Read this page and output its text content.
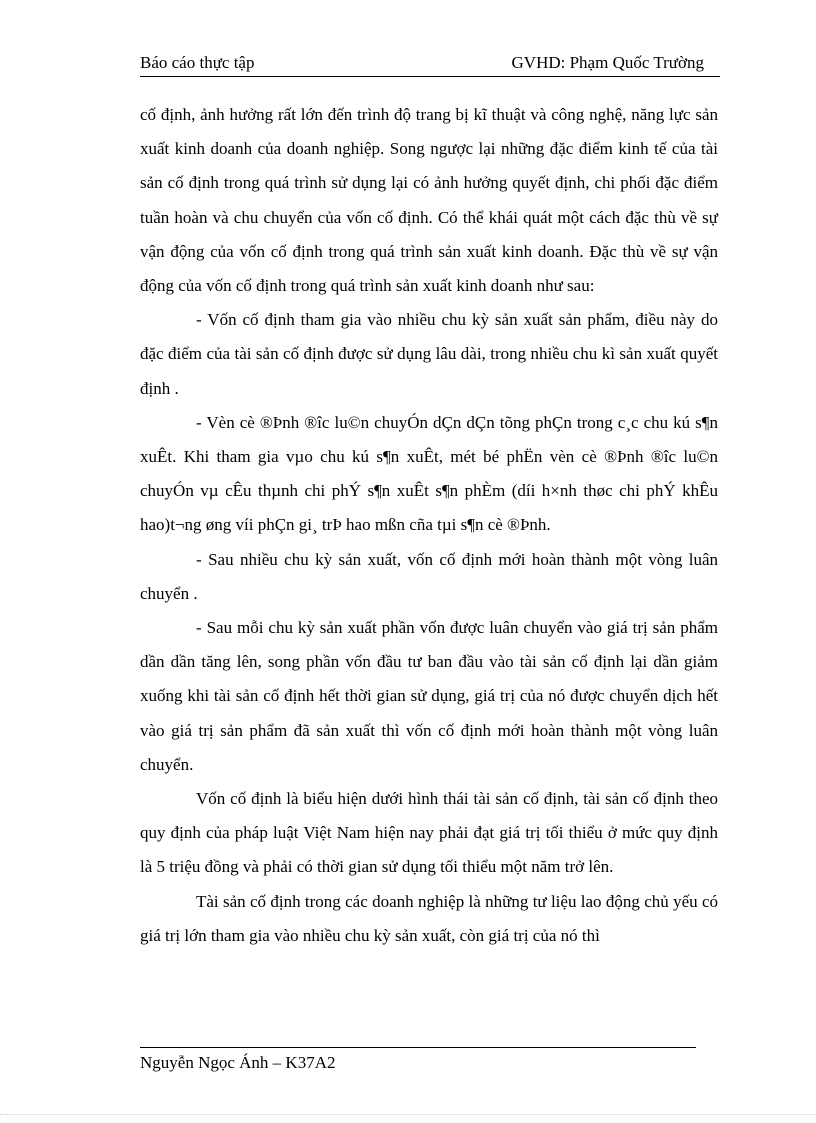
Báo cáo thực tập	GVHD: Phạm Quốc Trường

cố định, ảnh hưởng rất lớn đến trình độ trang bị kĩ thuật và công nghệ, năng lực sản xuất kinh doanh của doanh nghiệp. Song ngược lại những đặc điểm kinh tế của tài sản cố định trong quá trình sử dụng lại có ảnh hưởng quyết định, chi phối đặc điểm tuần hoàn và chu chuyển của vốn cố định. Có thể khái quát một cách đặc thù về sự vận động của vốn cố định trong quá trình sản xuất kinh doanh. Đặc thù về sự vận động của vốn cố định trong quá trình sản xuất kinh doanh như sau:

- Vốn cố định tham gia vào nhiều chu kỳ sản xuất sản phẩm, điều này do đặc điểm của tài sản cố định được sử dụng lâu dài, trong nhiều chu kì sản xuất quyết định .

- Vèn cè ®Þnh ®îc lu©n chuyÓn dÇn dÇn tõng phÇn trong c¸c chu kú s¶n xuÊt. Khi tham gia vµo chu kú s¶n xuÊt, mét bé phËn vèn cè ®Þnh ®îc lu©n chuyÓn vµ cÊu thµnh chi phÝ s¶n xuÊt s¶n phÈm (díi h×nh thøc chi phÝ khÊu hao)t¬ng øng víi phÇn gi¸ trÞ hao mßn cña tµi s¶n cè ®Þnh.

- Sau nhiều chu kỳ sản xuất, vốn cố định mới hoàn thành một vòng luân chuyển .

- Sau mỗi chu kỳ sản xuất phần vốn được luân chuyển vào giá trị sản phẩm dần dần tăng lên, song phần vốn đầu tư ban đầu vào tài sản cố định lại dần giảm xuống khi tài sản cố định hết thời gian sử dụng, giá trị của nó được chuyển dịch hết vào giá trị sản phẩm đã sản xuất thì vốn cố định mới hoàn thành một vòng luân chuyển.

Vốn cố định là biểu hiện dưới hình thái tài sản cố định, tài sản cố định theo quy định của pháp luật Việt Nam hiện nay phải đạt giá trị tối thiểu ở mức quy định là 5 triệu đồng và phải có thời gian sử dụng tối thiểu một năm trở lên.

Tài sản cố định trong các doanh nghiệp là những tư liệu lao động chủ yếu có giá trị lớn tham gia vào nhiều chu kỳ sản xuất, còn giá trị của nó thì

Nguyễn Ngọc Ánh – K37A2
